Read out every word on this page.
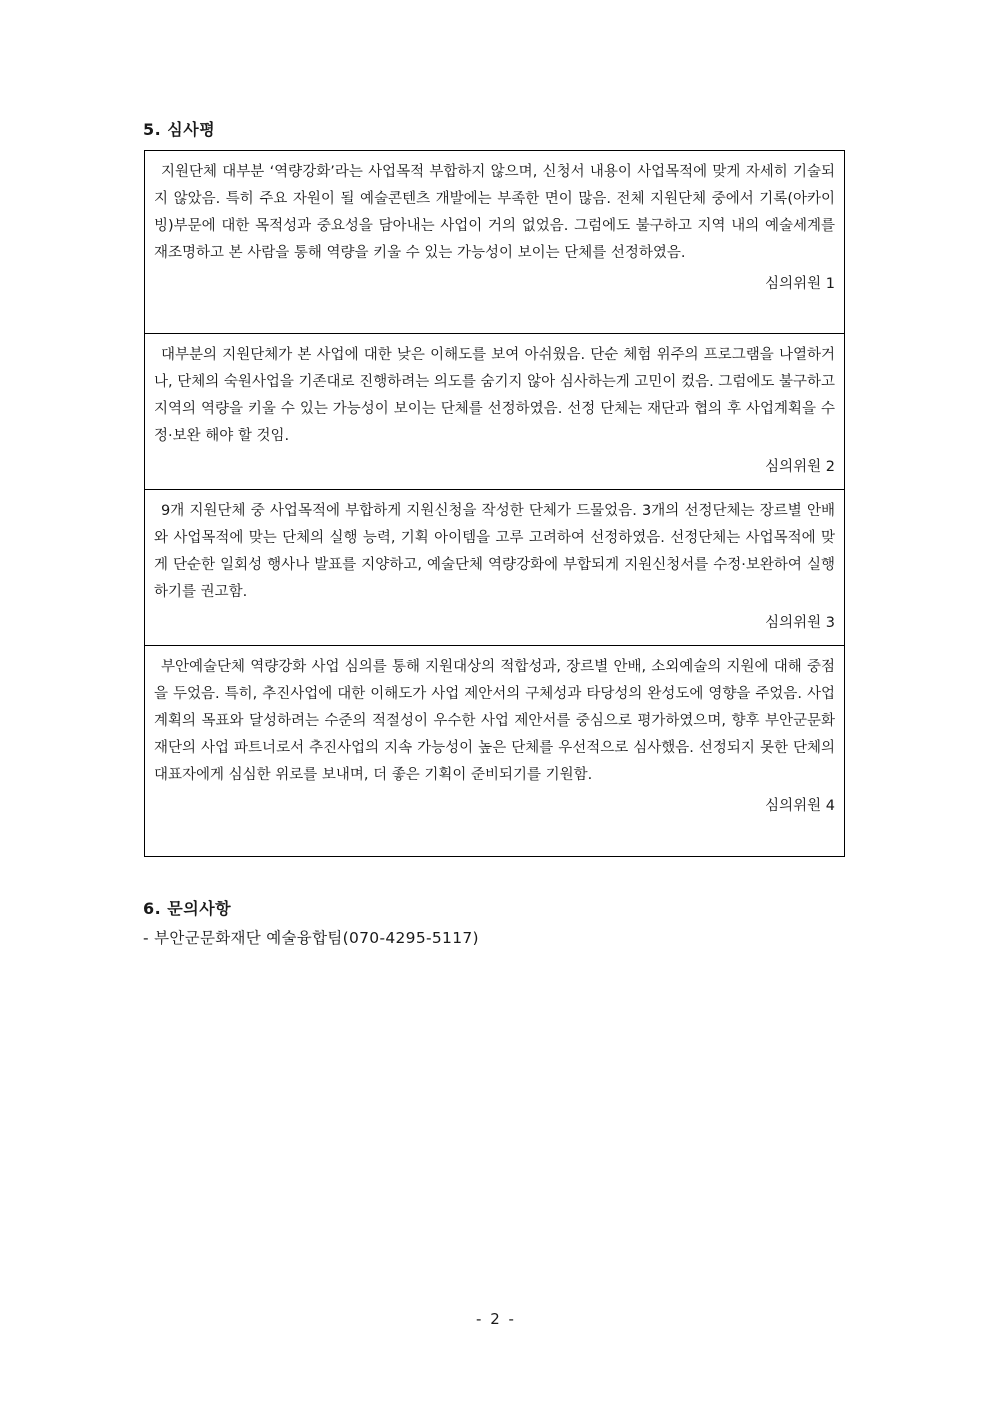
5. 심사평

지원단체 대부분 ‘역량강화’라는 사업목적 부합하지 않으며, 신청서 내용이 사업목적에 맞게 자세히 기술되지 않았음. 특히 주요 자원이 될 예술콘텐츠 개발에는 부족한 면이 많음. 전체 지원단체 중에서 기록(아카이빙)부문에 대한 목적성과 중요성을 담아내는 사업이 거의 없었음. 그럼에도 불구하고 지역 내의 예술세계를 재조명하고 본 사람을 통해 역량을 키울 수 있는 가능성이 보이는 단체를 선정하였음.

심의위원 1

대부분의 지원단체가 본 사업에 대한 낮은 이해도를 보여 아쉬웠음. 단순 체험 위주의 프로그램을 나열하거나, 단체의 숙원사업을 기존대로 진행하려는 의도를 숨기지 않아 심사하는게 고민이 컸음. 그럼에도 불구하고 지역의 역량을 키울 수 있는 가능성이 보이는 단체를 선정하였음. 선정 단체는 재단과 협의 후 사업계획을 수정·보완 해야 할 것임.

심의위원 2

9개 지원단체 중 사업목적에 부합하게 지원신청을 작성한 단체가 드물었음. 3개의 선정단체는 장르별 안배와 사업목적에 맞는 단체의 실행 능력, 기획 아이템을 고루 고려하여 선정하였음. 선정단체는 사업목적에 맞게 단순한 일회성 행사나 발표를 지양하고, 예술단체 역량강화에 부합되게 지원신청서를 수정·보완하여 실행하기를 권고함.

심의위원 3

부안예술단체 역량강화 사업 심의를 통해 지원대상의 적합성과, 장르별 안배, 소외예술의 지원에 대해 중점을 두었음. 특히, 추진사업에 대한 이해도가 사업 제안서의 구체성과 타당성의 완성도에 영향을 주었음. 사업계획의 목표와 달성하려는 수준의 적절성이 우수한 사업 제안서를 중심으로 평가하였으며, 향후 부안군문화재단의 사업 파트너로서 추진사업의 지속 가능성이 높은 단체를 우선적으로 심사했음. 선정되지 못한 단체의 대표자에게 심심한 위로를 보내며, 더 좋은 기획이 준비되기를 기원함.

심의위원 4

6. 문의사항
- 부안군문화재단 예술융합팀(070-4295-5117)
- 2 -
